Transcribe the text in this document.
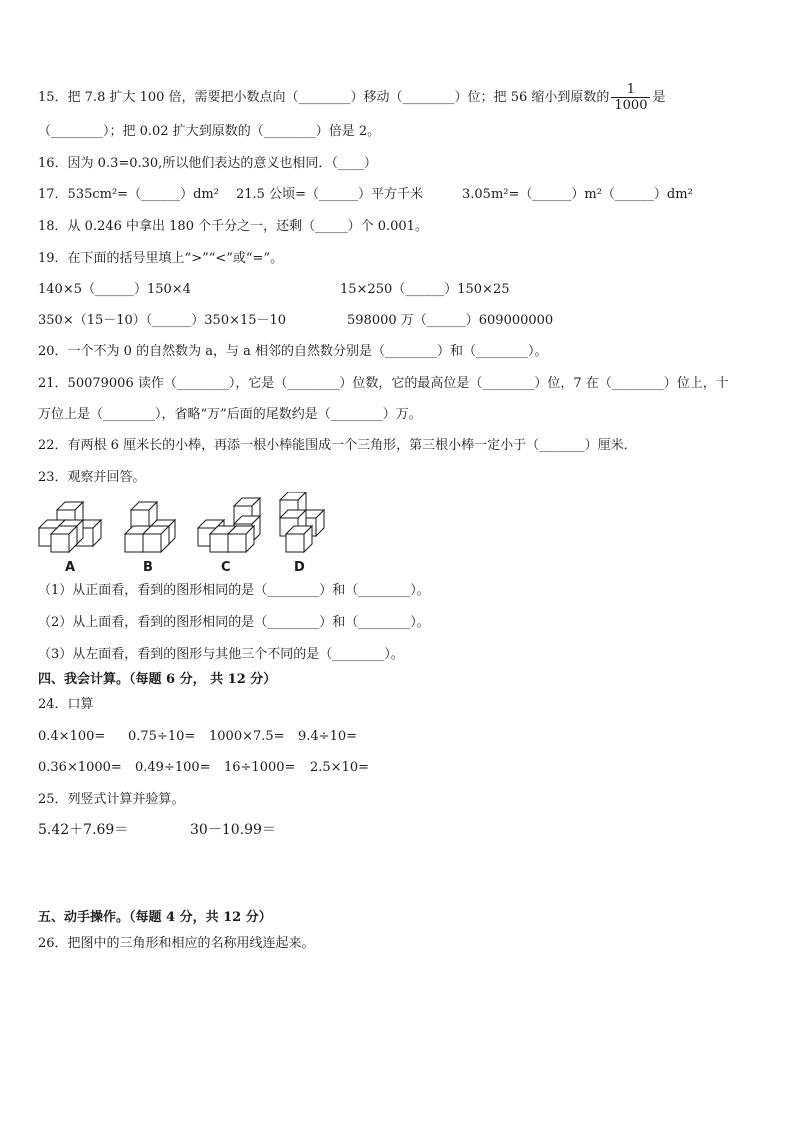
15．把 7.8 扩大 100 倍，需要把小数点向（________）移动（________）位；把 56 缩小到原数的 $\frac{1}{1000}$ 是
（________）；把 0.02 扩大到原数的（________）倍是 2。
16．因为 0.3=0.30,所以他们表达的意义也相同．（____）
17．535cm²=（______）dm² 21.5 公顷=（______）平方千米	3.05m²=（______）m²（______）dm²
18．从 0.246 中拿出 180 个千分之一，还剩（_____）个 0.001。
19．在下面的括号里填上“>”“<”或“=”。
140×5（______）150×4	15×250（______）150×25
350×（15－10）（______）350×15－10	598000 万（______）609000000
20．一个不为 0 的自然数为 a，与 a 相邻的自然数分别是（________）和（________）。
21．50079006 读作（________），它是（________）位数，它的最高位是（________）位，7 在（________）位上，十
万位上是（________），省略“万”后面的尾数约是（________）万。
22．有两根 6 厘米长的小棒，再添一根小棒能围成一个三角形，第三根小棒一定小于（_______）厘米．
23．观察并回答。
A	B	C	D
（1）从正面看，看到的图形相同的是（________）和（________）。
（2）从上面看，看到的图形相同的是（________）和（________）。
（3）从左面看，看到的图形与其他三个不同的是（________）。
四、我会计算。（每题 6 分， 共 12 分）
24．口算
0.4×100= 0.75÷10= 1000×7.5= 9.4÷10=
0.36×1000= 0.49÷100= 16÷1000= 2.5×10=
25．列竖式计算并验算。
5.42＋7.69＝	30－10.99＝
五、动手操作。（每题 4 分，共 12 分）
26．把图中的三角形和相应的名称用线连起来。
